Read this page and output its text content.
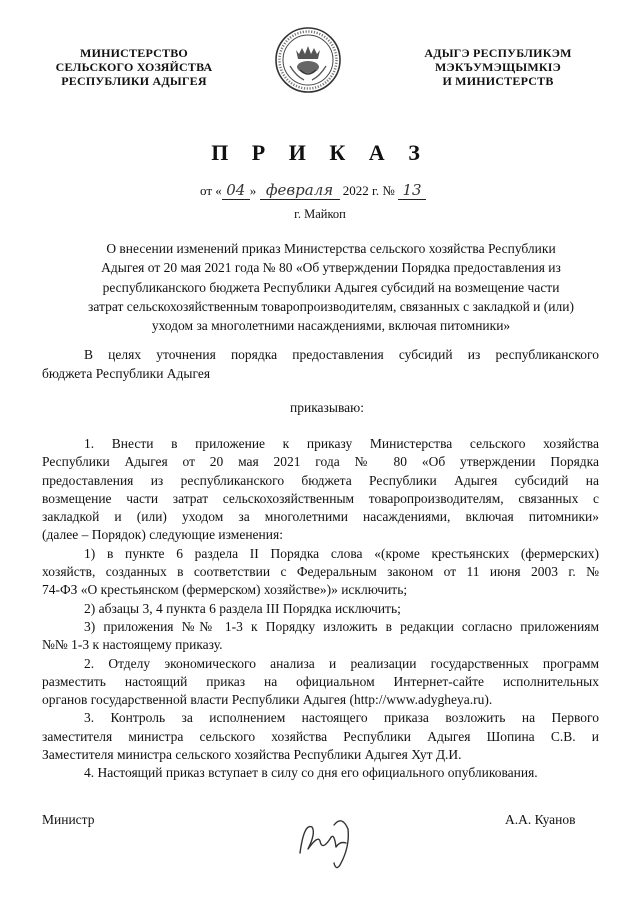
МИНИСТЕРСТВО
СЕЛЬСКОГО ХОЗЯЙСТВА
РЕСПУБЛИКИ АДЫГЕЯ
АДЫГЭ РЕСПУБЛИКЭМ
МЭКЪУМЭЩЫМКIЭ
И МИНИСТЕРСТВ
П Р И К А З
от « 04 » февраля 2022 г. № 13
г. Майкоп
О внесении изменений приказ Министерства сельского хозяйства Республики
Адыгея от 20 мая 2021 года № 80 «Об утверждении Порядка предоставления из
республиканского бюджета Республики Адыгея субсидий на возмещение части
затрат сельскохозяйственным товаропроизводителям, связанных с закладкой и (или)
уходом за многолетними насаждениями, включая питомники»
В целях уточнения порядка предоставления субсидий из республиканского
бюджета Республики Адыгея
приказываю:
1. Внести в приложение к приказу Министерства сельского хозяйства
Республики Адыгея от 20 мая 2021 года № 80 «Об утверждении Порядка
предоставления из республиканского бюджета Республики Адыгея субсидий на
возмещение части затрат сельскохозяйственным товаропроизводителям, связанных с
закладкой и (или) уходом за многолетними насаждениями, включая питомники»
(далее – Порядок) следующие изменения:
1) в пункте 6 раздела II Порядка слова «(кроме крестьянских (фермерских)
хозяйств, созданных в соответствии с Федеральным законом от 11 июня 2003 г. №
74-ФЗ «О крестьянском (фермерском) хозяйстве»)» исключить;
2) абзацы 3, 4 пункта 6 раздела III Порядка исключить;
3) приложения №№ 1-3 к Порядку изложить в редакции согласно приложениям
№№ 1-3 к настоящему приказу.
2. Отделу экономического анализа и реализации государственных программ
разместить настоящий приказ на официальном Интернет-сайте исполнительных
органов государственной власти Республики Адыгея (http://www.adygheya.ru).
3. Контроль за исполнением настоящего приказа возложить на Первого
заместителя министра сельского хозяйства Республики Адыгея Шопина С.В. и
Заместителя министра сельского хозяйства Республики Адыгея Хут Д.И.
4. Настоящий приказ вступает в силу со дня его официального опубликования.
Министр	А.А. Куанов
